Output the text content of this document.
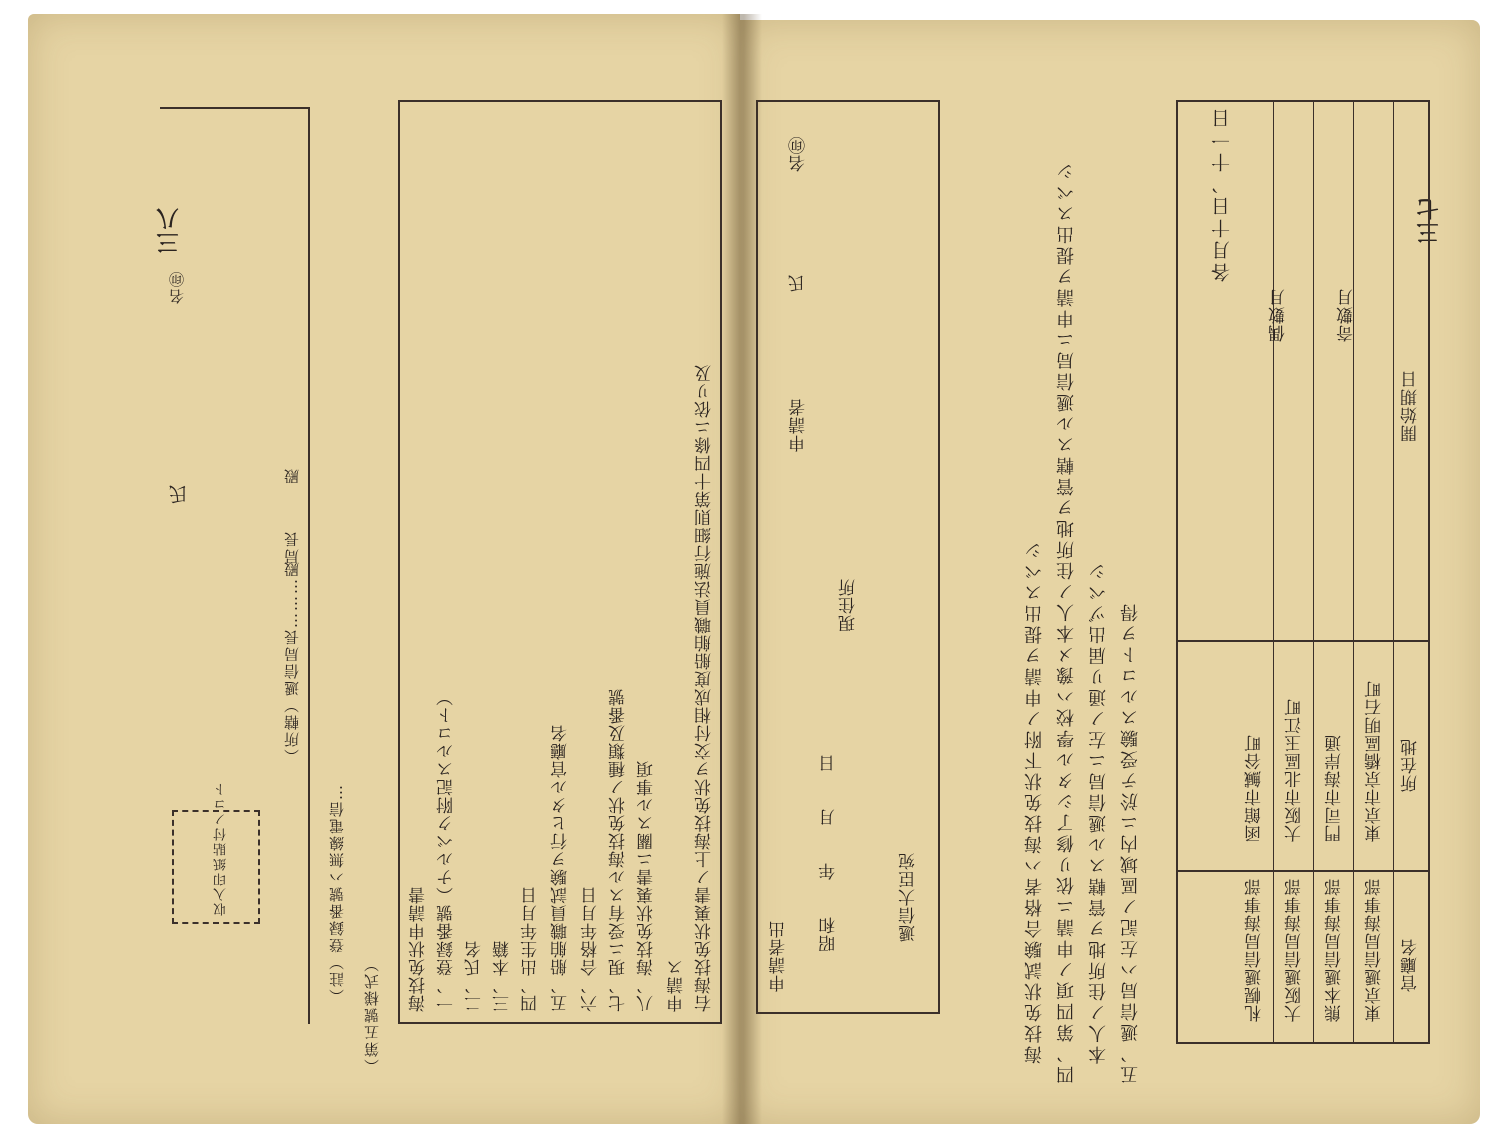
三八
名㊞
氏
（所轄）遞信局長………殿
殿
収入印紙貼付ノコト	（註）登録番號ハ無線電信…
（第五號様式）
右海技免状裏書ノ上海技免状ヲ交付相成度船舶職員法施行細則第十四條ニ依リ及
申請ス
八、海技免状裏書ニ關スル事項
七、現ニ受有スル海技免状ノ種類及番號
六、合格年月日
五、船舶職員試験ヲ行ヒタル官廳名
四、出生年月日
三、本籍
二、氏名
一、登録番號（ナルベク附記スルコト）
海技免状申請書
局長
三七
官廳名
所在地
開始期日
東京遞信局海事部
東京市京橋區明石町
熊本遞信局海事部
門司市海岸通
大阪遞信局海事部
大阪市北區玉江町
札幌遞信局海事部
函館市鰔谷町
奇數月
偶數月
各月十日、十一日
五、遞信局ハ左記ノ區域内ニ於テ受驗スルコトヲ得
本人ノ住所地ヲ管轄スル遞信局ニ左ノ通リ届出ヅベシ
四、第四項ノ申請ニ依リ修了シタル學校ハ豫メ本人ノ住所地ヲ管轄スル遞信局ニ申請ヲ提出スベシ
海技免状試験合格者ハ海技免状下附ノ申請ヲ提出スベシ
遞信大臣宛
現住所
申請者
氏
名㊞
昭和　　年　　月　　日
申請者出
